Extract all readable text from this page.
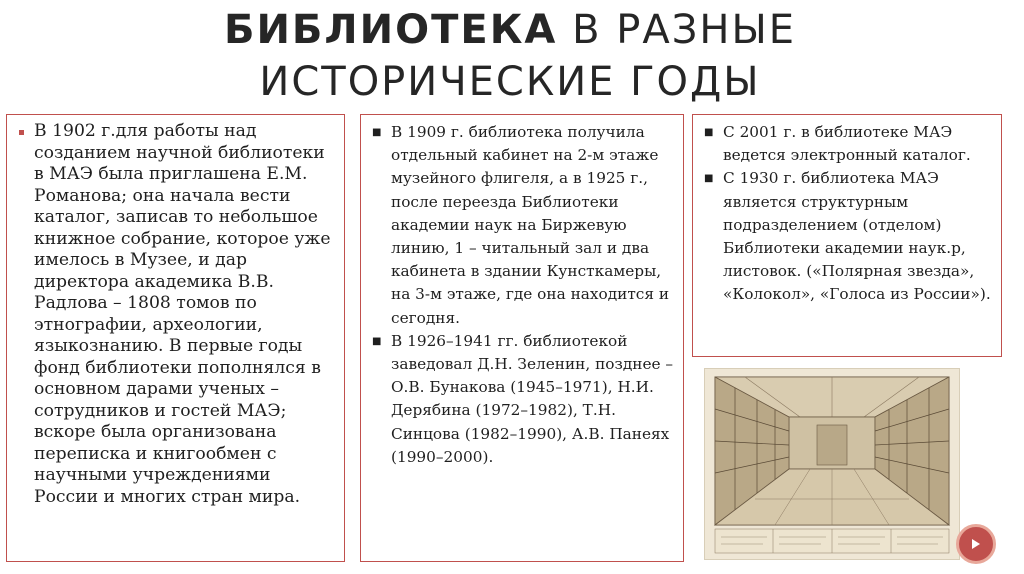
БИБЛИОТЕКА В РАЗНЫЕ
ИСТОРИЧЕСКИЕ ГОДЫ
В 1902 г.для работы над созданием научной библиотеки в МАЭ была приглашена Е.М. Романова; она начала вести каталог, записав то небольшое книжное собрание, которое уже имелось в Музее, и дар директора академика В.В. Радлова – 1808 томов по этнографии, археологии, языкознанию. В первые годы фонд библиотеки пополнялся в основном дарами ученых – сотрудников и гостей МАЭ; вскоре была организована переписка и книгообмен с научными учреждениями России и многих стран мира.
■ В 1909 г. библиотека получила отдельный кабинет на 2-м этаже музейного флигеля, а в 1925 г., после переезда Библиотеки академии наук на Биржевую линию, 1 – читальный зал и два кабинета в здании Кунсткамеры, на 3-м этаже, где она находится и сегодня.
■ В 1926–1941 гг. библиотекой заведовал Д.Н. Зеленин, позднее – О.В. Бунакова (1945–1971), Н.И. Дерябина (1972–1982), Т.Н. Синцова (1982–1990), А.В. Панеях (1990–2000).
■ С 2001 г. в библиотеке МАЭ ведется электронный каталог.
■ С 1930 г. библиотека МАЭ является структурным подразделением (отделом) Библиотеки академии наук.р, листовок. («Полярная звезда», «Колокол», «Голоса из России»).
